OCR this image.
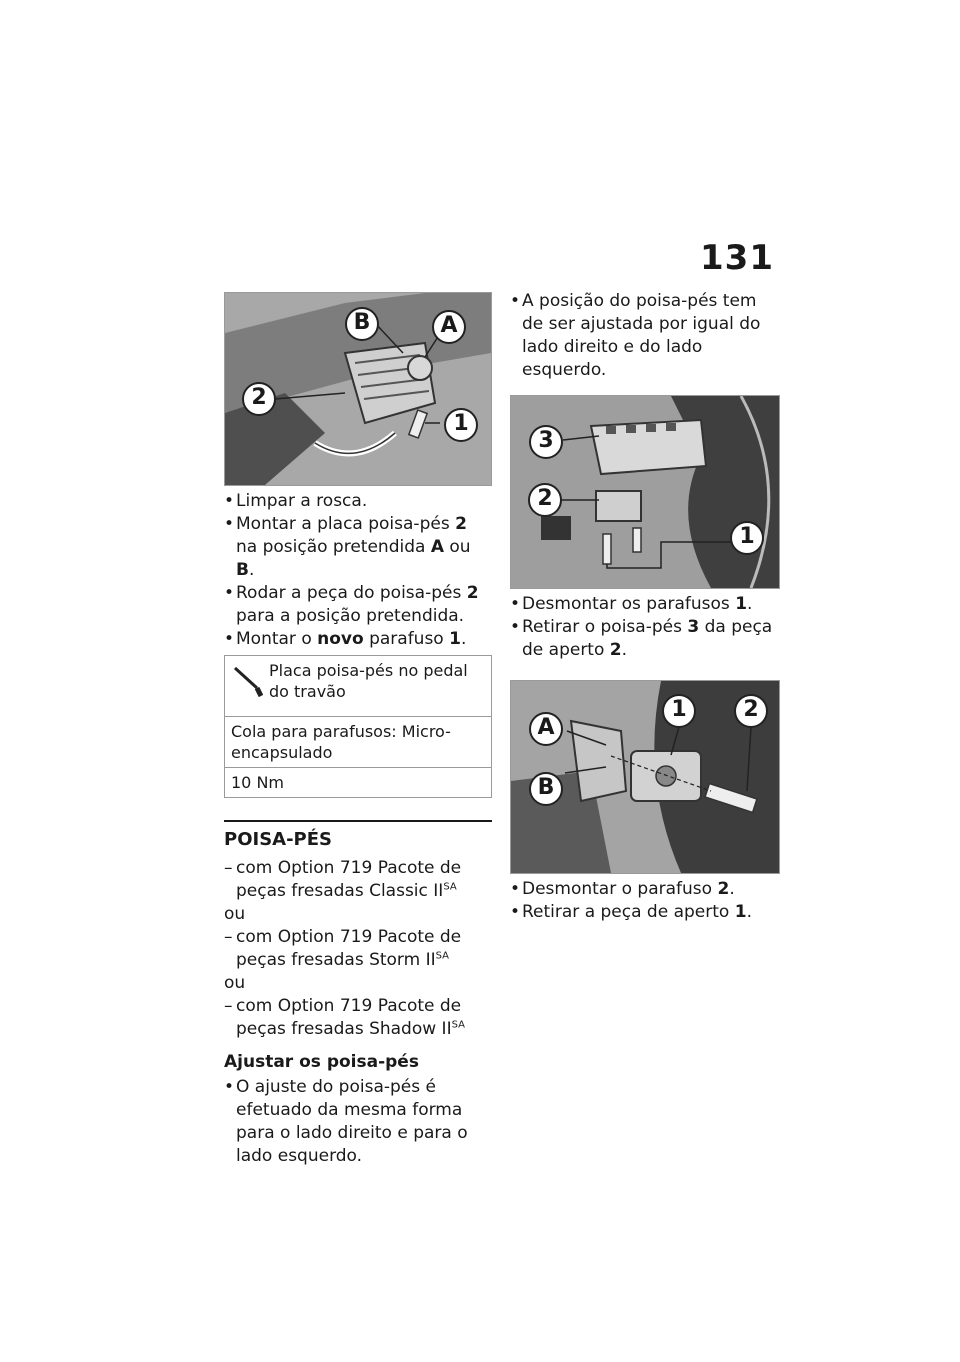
131
B	A
2
1

• Limpar a rosca.

• Montar a placa poisa-pés 2 na posição pretendida A ou B.

• Rodar a peça do poisa-pés 2 para a posição pretendida.

• Montar o novo parafuso 1.

Placa poisa-pés no pedal do travão
Cola para parafusos: Micro-encapsulado
10 Nm
POISA-PÉS

– com Option 719 Pacote de peças fresadas Classic $II^{SA}$

ou

– com Option 719 Pacote de peças fresadas Storm $II^{SA}$

ou

– com Option 719 Pacote de peças fresadas Shadow $II^{SA}$

Ajustar os poisa-pés

• O ajuste do poisa-pés é efetuado da mesma forma para o lado direito e para o lado esquerdo.

• A posição do poisa-pés tem de ser ajustada por igual do lado direito e do lado esquerdo.

3
2
1

• Desmontar os parafusos 1.

• Retirar o poisa-pés 3 da peça de aperto 2.

A
1	2
B

• Desmontar o parafuso 2.

• Retirar a peça de aperto 1.
